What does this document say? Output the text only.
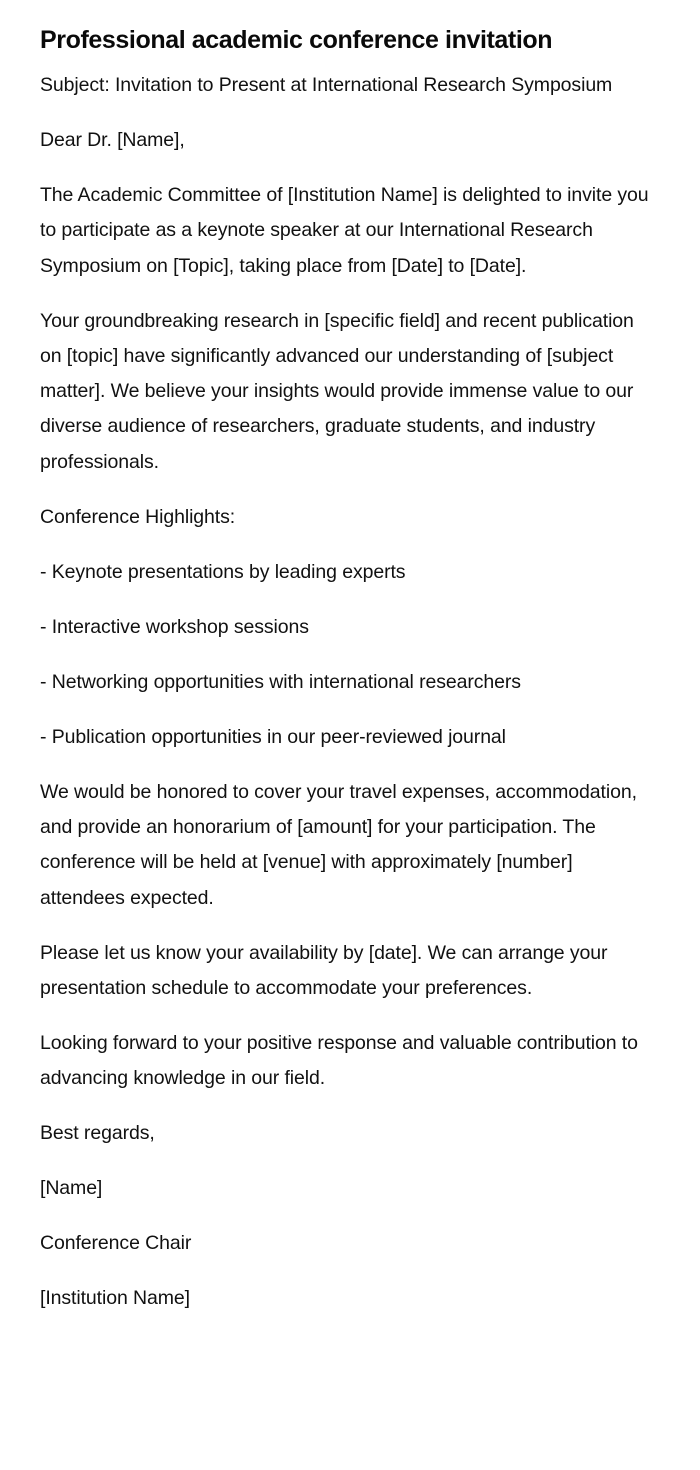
Professional academic conference invitation

Subject: Invitation to Present at International Research Symposium

Dear Dr. [Name],

The Academic Committee of [Institution Name] is delighted to invite you to participate as a keynote speaker at our International Research Symposium on [Topic], taking place from [Date] to [Date].

Your groundbreaking research in [specific field] and recent publication on [topic] have significantly advanced our understanding of [subject matter]. We believe your insights would provide immense value to our diverse audience of researchers, graduate students, and industry professionals.

Conference Highlights:

- Keynote presentations by leading experts

- Interactive workshop sessions

- Networking opportunities with international researchers

- Publication opportunities in our peer-reviewed journal

We would be honored to cover your travel expenses, accommodation, and provide an honorarium of [amount] for your participation. The conference will be held at [venue] with approximately [number] attendees expected.

Please let us know your availability by [date]. We can arrange your presentation schedule to accommodate your preferences.

Looking forward to your positive response and valuable contribution to advancing knowledge in our field.

Best regards,

[Name]

Conference Chair

[Institution Name]
